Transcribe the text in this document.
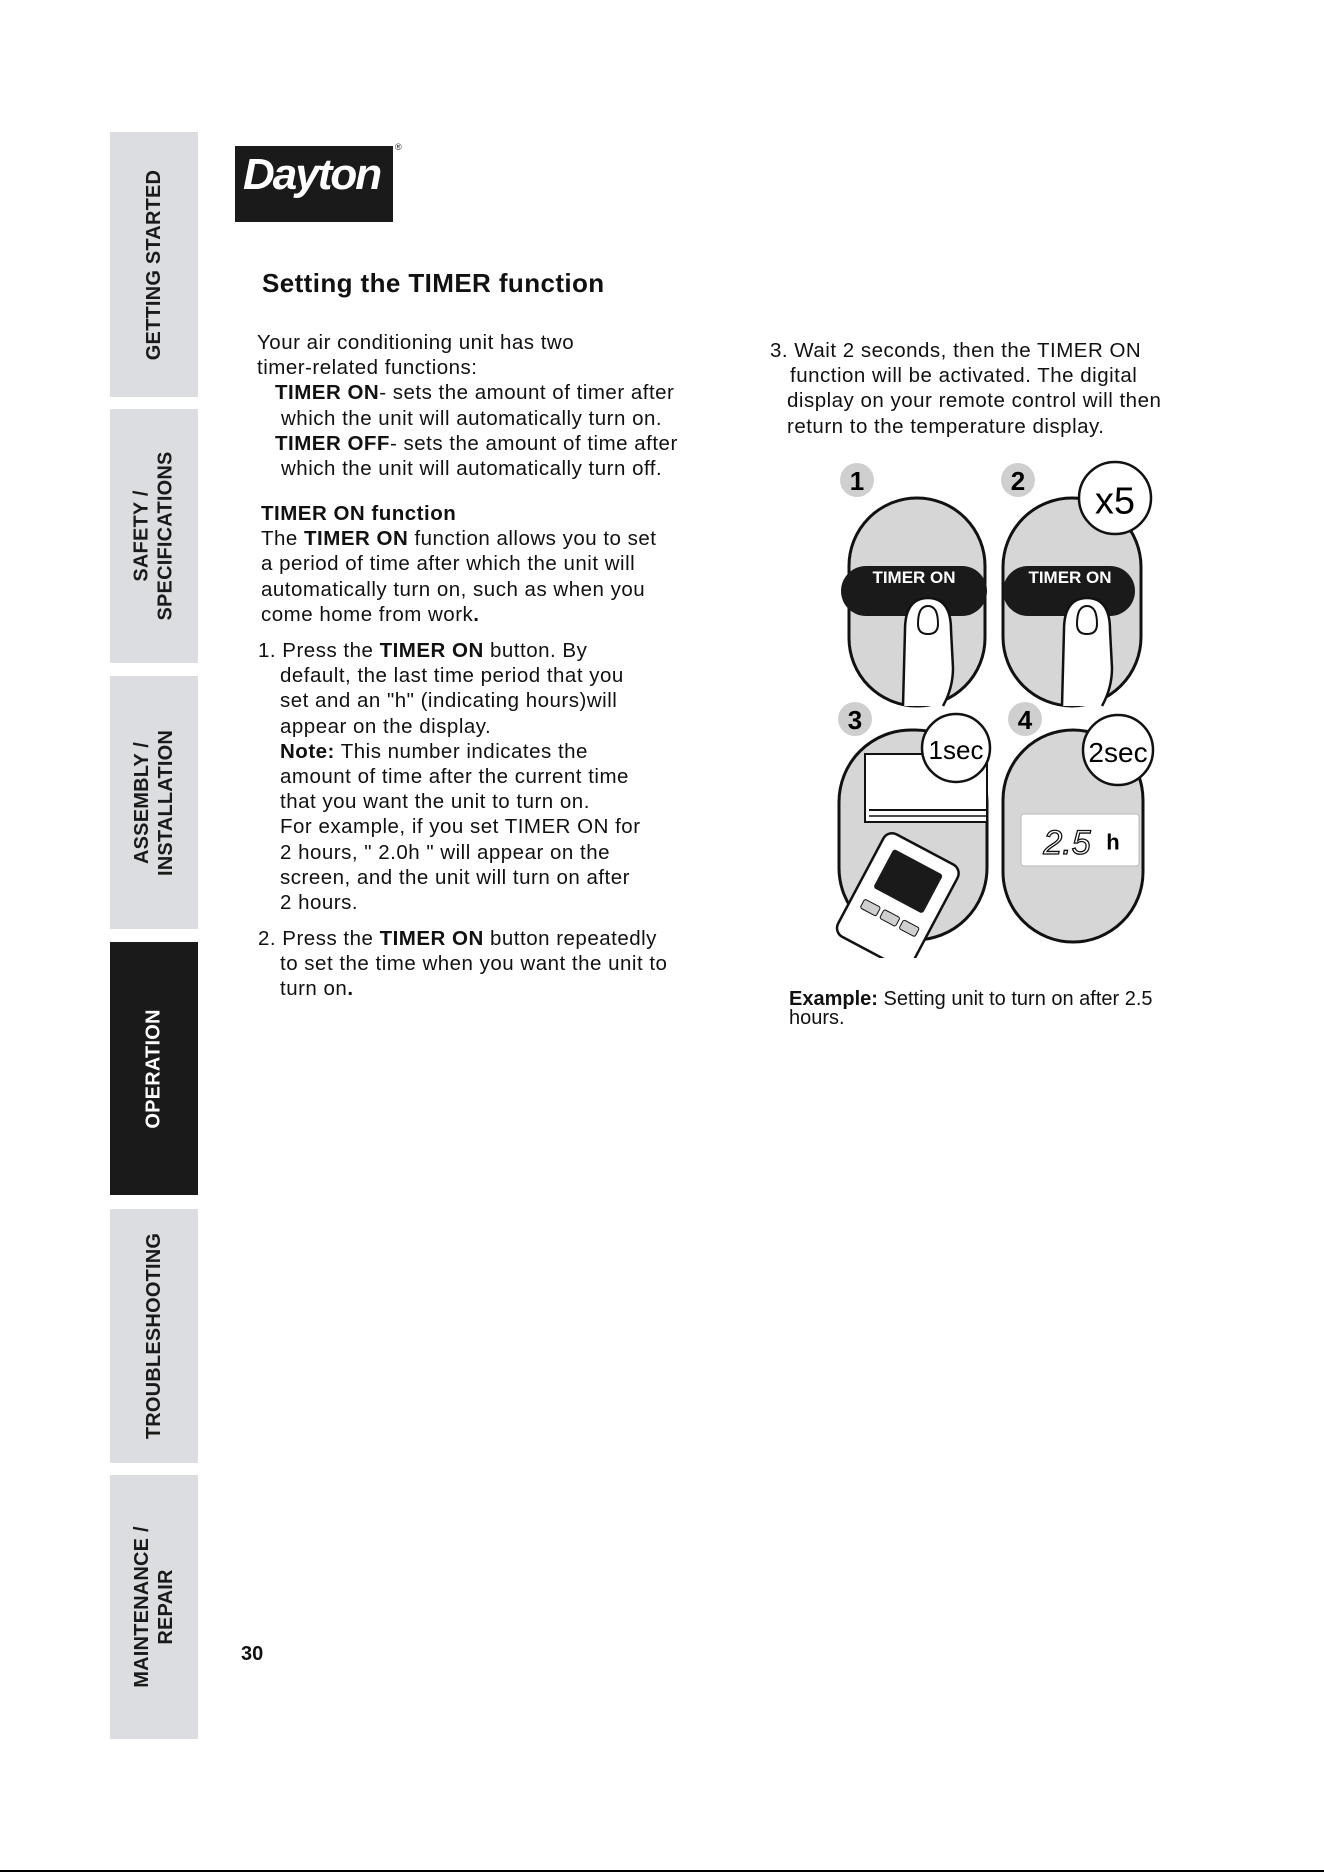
GETTING STARTED
SAFETY / SPECIFICATIONS
ASSEMBLY / INSTALLATION
OPERATION
TROUBLESHOOTING
MAINTENANCE / REPAIR
Dayton
®
Setting the TIMER function

Your air conditioning unit has two

timer-related functions:

TIMER ON- sets the amount of timer after

which the unit will automatically turn on.

TIMER OFF- sets the amount of time after

which the unit will automatically turn off.

TIMER ON function

The TIMER ON function allows you to set

a period of time after which the unit will

automatically turn on, such as when you

come home from work.

1. Press the TIMER ON button. By

default, the last time period that you

set and an "h" (indicating hours)will

appear on the display.

Note: This number indicates the

amount of time after the current time

that you want the unit to turn on.

For example, if you set TIMER ON for

2 hours, " 2.0h " will appear on the

screen, and the unit will turn on after

2 hours.

2. Press the TIMER ON button repeatedly

to set the time when you want the unit to

turn on.

3. Wait 2 seconds, then the TIMER ON

function will be activated. The digital

display on your remote control will then

return to the temperature display.

TIMER ON
1
TIMER ON
2 x5
3
1sec
2.5 h
4
2sec
Example: Setting unit to turn on after 2.5
hours.
30
